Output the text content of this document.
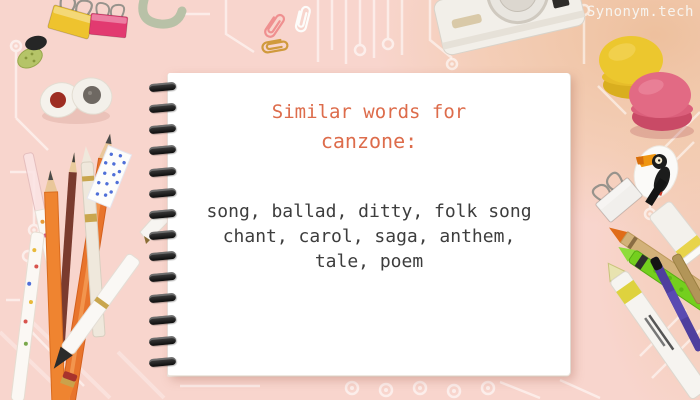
Synonym.tech
Similar words for
canzone:
song, ballad, ditty, folk song
chant, carol, saga, anthem,
tale, poem
